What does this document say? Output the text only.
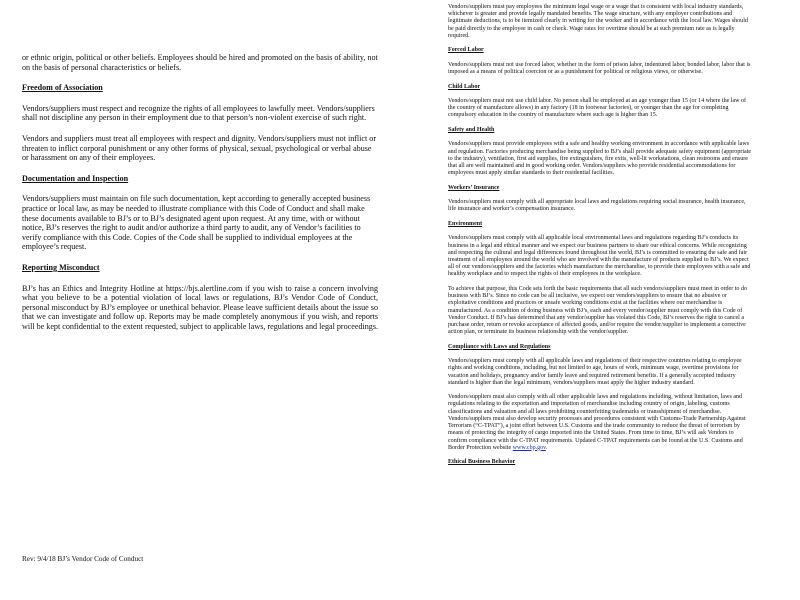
or ethnic origin, political or other beliefs. Employees should be hired and promoted on the basis of ability, not on the basis of personal characteristics or beliefs.

Freedom of Association

Vendors/suppliers must respect and recognize the rights of all employees to lawfully meet. Vendors/suppliers shall not discipline any person in their employment due to that person’s non-violent exercise of such right.

Vendors and suppliers must treat all employees with respect and dignity. Vendors/suppliers must not inflict or threaten to inflict corporal punishment or any other forms of physical, sexual, psychological or verbal abuse or harassment on any of their employees.

Documentation and Inspection

Vendors/suppliers must maintain on file such documentation, kept according to generally accepted business practice or local law, as may be needed to illustrate compliance with this Code of Conduct and shall make these documents available to BJ’s or to BJ’s designated agent upon request. At any time, with or without notice, BJ’s reserves the right to audit and/or authorize a third party to audit, any of Vendor’s facilities to verify compliance with this Code. Copies of the Code shall be supplied to individual employees at the employee’s request.

Reporting Misconduct

BJ’s has an Ethics and Integrity Hotline at https://bjs.alertline.com if you wish to raise a concern involving what you believe to be a potential violation of local laws or regulations, BJ’s Vendor Code of Conduct, personal misconduct by BJ’s employee or unethical behavior. Please leave sufficient details about the issue so that we can investigate and follow up. Reports may be made completely anonymous if you wish, and reports will be kept confidential to the extent requested, subject to applicable laws, regulations and legal proceedings.

Rev: 9/4/18 BJ’s Vendor Code of Conduct

Vendors/suppliers must pay employees the minimum legal wage or a wage that is consistent with local industry standards, whichever is greater and provide legally mandated benefits. The wage structure, with any employer contributions and legitimate deductions, is to be itemized clearly in writing for the worker and in accordance with the local law. Wages should be paid directly to the employee in cash or check. Wage rates for overtime should be at such premium rate as is legally required.

Forced Labor

Vendors/suppliers must not use forced labor, whether in the form of prison labor, indentured labor, bonded labor, labor that is imposed as a means of political coercion or as a punishment for political or religious views, or otherwise.

Child Labor

Vendors/suppliers must not use child labor. No person shall be employed at an age younger than 15 (or 14 where the law of the country of manufacture allows) in any factory (18 in footwear factories), or younger than the age for completing compulsory education in the country of manufacture where such age is higher than 15.

Safety and Health

Vendors/suppliers must provide employees with a safe and healthy working environment in accordance with applicable laws and regulation. Factories producing merchandise being supplied to BJ’s shall provide adequate safety equipment (appropriate to the industry), ventilation, first aid supplies, fire extinguishers, fire exits, well-lit workstations, clean restrooms and ensure that all are well maintained and in good working order. Vendors/suppliers who provide residential accommodations for employees must apply similar standards to their residential facilities.

Workers’ Insurance

Vendors/suppliers must comply with all appropriate local laws and regulations requiring social insurance, health insurance, life insurance and worker’s compensation insurance.

Environment

Vendors/suppliers must comply with all applicable local environmental laws and regulations regarding BJ’s conducts its business in a legal and ethical manner and we expect our business partners to share our ethical concerns. While recognizing and respecting the cultural and legal differences found throughout the world, BJ’s is committed to ensuring the safe and fair treatment of all employees around the world who are involved with the manufacture of products supplied to BJ’s. We expect all of our vendors/suppliers and the factories which manufacture the merchandise, to provide their employees with a safe and healthy workplace and to respect the rights of their employees in the workplace.

To achieve that purpose, this Code sets forth the basic requirements that all such vendors/suppliers must meet in order to do business with BJ’s. Since no code can be all inclusive, we expect our vendors/suppliers to ensure that no abusive or exploitative conditions and practices or unsafe working conditions exist at the facilities where our merchandise is manufactured. As a condition of doing business with BJ’s, each and every vendor/supplier must comply with this Code of Vendor Conduct. If BJ’s has determined that any vendor/supplier has violated this Code, BJ’s reserves the right to cancel a purchase order, return or revoke acceptance of affected goods, and/or require the vendor/supplier to implement a corrective action plan, or terminate its business relationship with the vendor/supplier.

Compliance with Laws and Regulations

Vendors/suppliers must comply with all applicable laws and regulations of their respective countries relating to employee rights and working conditions, including, but not limited to age, hours of work, minimum wage, overtime provisions for vacation and holidays, pregnancy and/or family leave and required retirement benefits. If a generally accepted industry standard is higher than the legal minimum, vendors/suppliers must apply the higher industry standard.

Vendors/suppliers must also comply with all other applicable laws and regulations including, without limitation, laws and regulations relating to the exportation and importation of merchandise including country of origin, labeling, customs classifications and valuation and all laws prohibiting counterfeiting trademarks or transshipment of merchandise. Vendors/suppliers must also develop security processes and procedures consistent with Customs-Trade Partnership Against Terrorism (“C-TPAT”), a joint effort between U.S. Customs and the trade community to reduce the threat of terrorism by means of protecting the integrity of cargo imported into the United States. From time to time, BJ’s will ask Vendors to confirm compliance with the C-TPAT requirements. Updated C-TPAT requirements can be found at the U.S. Customs and Border Protection website www.cbp.gov.

Ethical Business Behavior
